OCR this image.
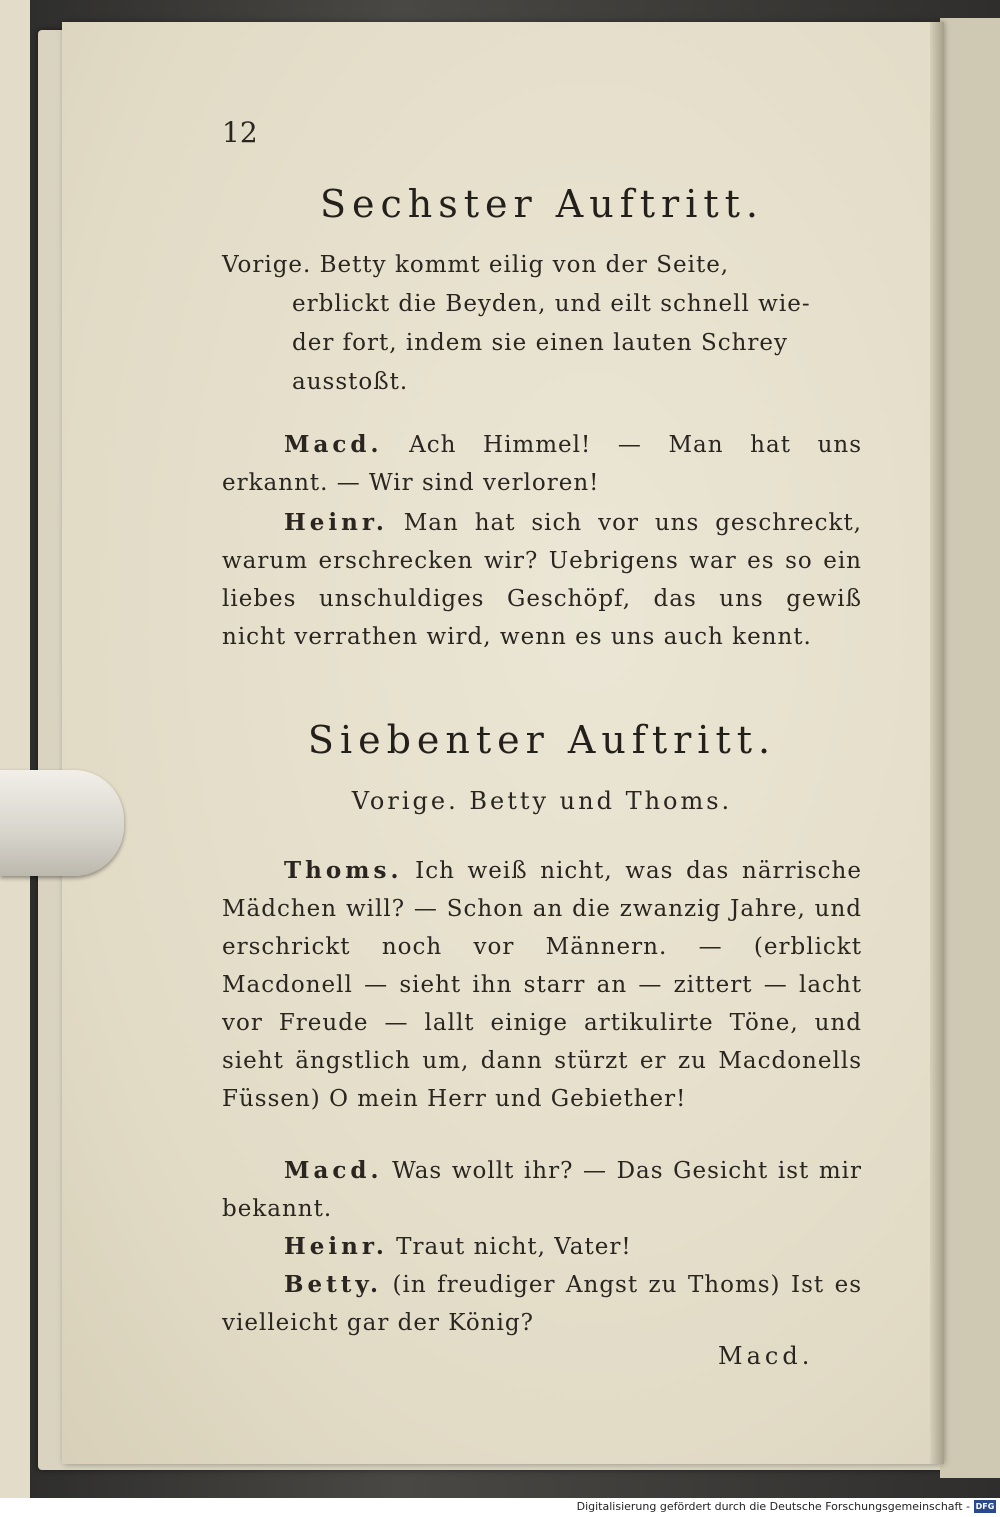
12
Sechster Auftritt.
Vorige. Betty kommt eilig von der Seite,
erblickt die Beyden, und eilt schnell wie-
der fort, indem sie einen lauten Schrey
ausstoßt.
Macd. Ach Himmel! — Man hat uns erkannt. — Wir sind verloren!
Heinr. Man hat sich vor uns geschreckt, warum erschrecken wir? Uebrigens war es so ein liebes unschuldiges Geschöpf, das uns gewiß nicht verrathen wird, wenn es uns auch kennt.
Siebenter Auftritt.
Vorige. Betty und Thoms.
Thoms. Ich weiß nicht, was das närrische Mädchen will? — Schon an die zwanzig Jahre, und erschrickt noch vor Männern. — (erblickt Macdonell — sieht ihn starr an — zittert — lacht vor Freude — lallt einige artikulirte Töne, und sieht ängstlich um, dann stürzt er zu Macdonells Füssen) O mein Herr und Gebiether!
Macd. Was wollt ihr? — Das Gesicht ist mir bekannt.
Heinr. Traut nicht, Vater!
Betty. (in freudiger Angst zu Thoms) Ist es vielleicht gar der König?
Macd.
Digitalisierung gefördert durch die Deutsche Forschungsgemeinschaft - DFG
